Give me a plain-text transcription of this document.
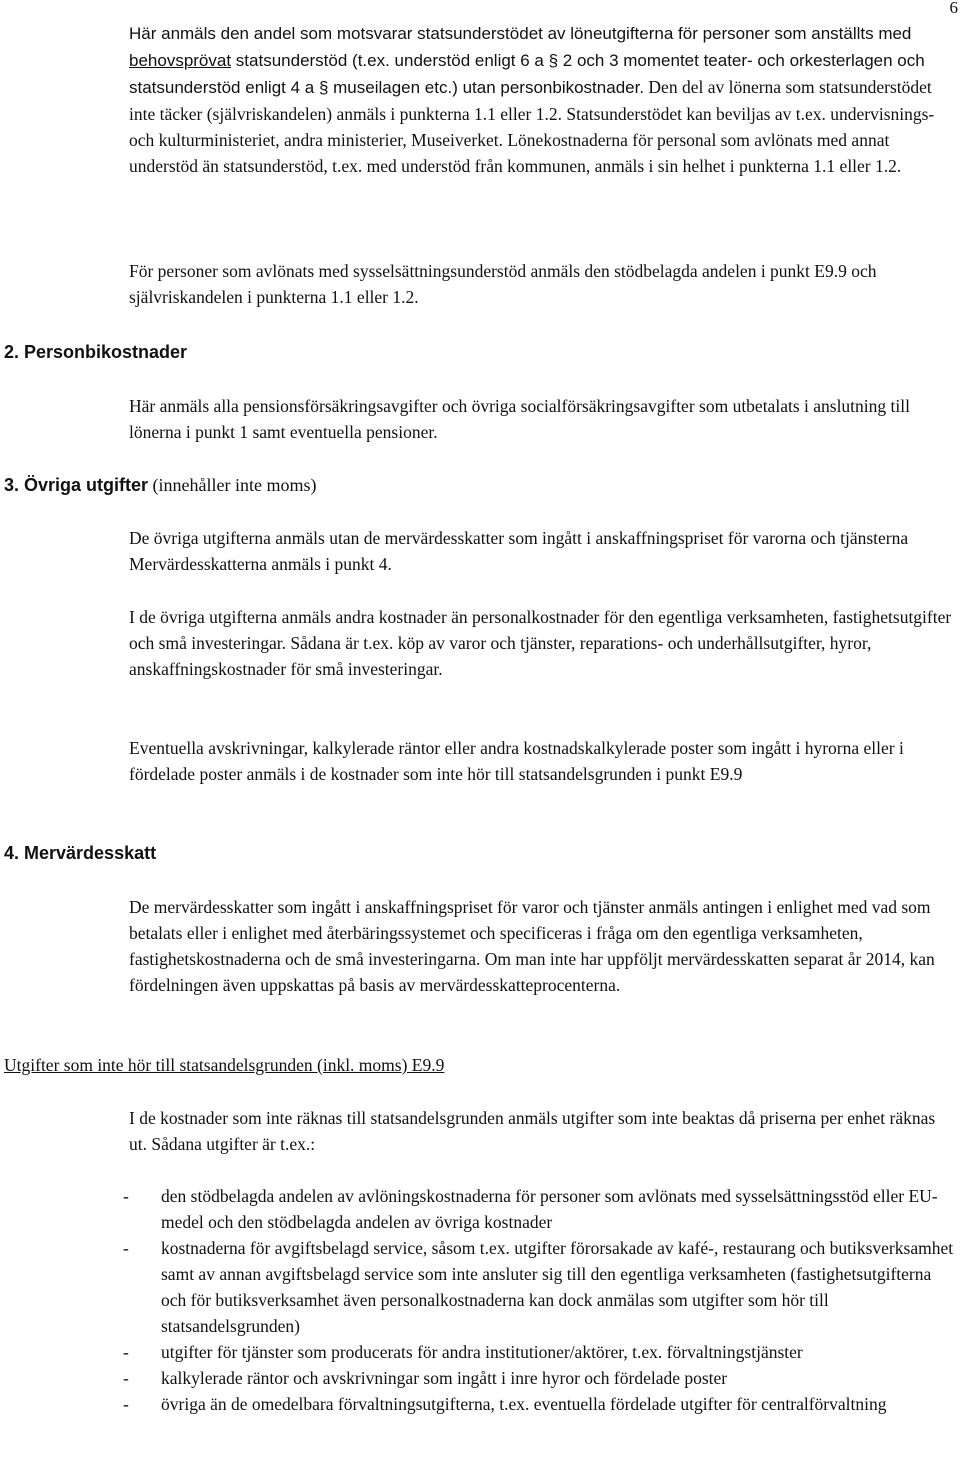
6

Här anmäls den andel som motsvarar statsunderstödet av löneutgifterna för personer som anställts med behovsprövat statsunderstöd (t.ex. understöd enligt 6 a § 2 och 3 momentet teater- och orkesterlagen och statsunderstöd enligt 4 a § museilagen etc.) utan personbikostnader. Den del av lönerna som statsunderstödet inte täcker (självriskandelen) anmäls i punkterna 1.1 eller 1.2. Statsunderstödet kan beviljas av t.ex. undervisnings- och kulturministeriet, andra ministerier, Museiverket. Lönekostnaderna för personal som avlönats med annat understöd än statsunderstöd, t.ex. med understöd från kommunen, anmäls i sin helhet i punkterna 1.1 eller 1.2.

För personer som avlönats med sysselsättningsunderstöd anmäls den stödbelagda andelen i punkt E9.9 och självriskandelen i punkterna 1.1 eller 1.2.

2. Personbikostnader

Här anmäls alla pensionsförsäkringsavgifter och övriga socialförsäkringsavgifter som utbetalats i anslutning till lönerna i punkt 1 samt eventuella pensioner.

3. Övriga utgifter (innehåller inte moms)

De övriga utgifterna anmäls utan de mervärdesskatter som ingått i anskaffningspriset för varorna och tjänsterna Mervärdesskatterna anmäls i punkt 4.

I de övriga utgifterna anmäls andra kostnader än personalkostnader för den egentliga verksamheten, fastighetsutgifter och små investeringar. Sådana är t.ex. köp av varor och tjänster, reparations- och underhållsutgifter, hyror, anskaffningskostnader för små investeringar.

Eventuella avskrivningar, kalkylerade räntor eller andra kostnadskalkylerade poster som ingått i hyrorna eller i fördelade poster anmäls i de kostnader som inte hör till statsandelsgrunden i punkt E9.9

4. Mervärdesskatt

De mervärdesskatter som ingått i anskaffningspriset för varor och tjänster anmäls antingen i enlighet med vad som betalats eller i enlighet med återbäringssystemet och specificeras i fråga om den egentliga verksamheten, fastighetskostnaderna och de små investeringarna. Om man inte har uppföljt mervärdesskatten separat år 2014, kan fördelningen även uppskattas på basis av mervärdesskatteprocenterna.

Utgifter som inte hör till statsandelsgrunden (inkl. moms) E9.9

I de kostnader som inte räknas till statsandelsgrunden anmäls utgifter som inte beaktas då priserna per enhet räknas ut. Sådana utgifter är t.ex.:

- den stödbelagda andelen av avlöningskostnaderna för personer som avlönats med sysselsättningsstöd eller EU-medel och den stödbelagda andelen av övriga kostnader
- kostnaderna för avgiftsbelagd service, såsom t.ex. utgifter förorsakade av kafé-, restaurang och butiksverksamhet samt av annan avgiftsbelagd service som inte ansluter sig till den egentliga verksamheten (fastighetsutgifterna och för butiksverksamhet även personalkostnaderna kan dock anmälas som utgifter som hör till statsandelsgrunden)
- utgifter för tjänster som producerats för andra institutioner/aktörer, t.ex. förvaltningstjänster
- kalkylerade räntor och avskrivningar som ingått i inre hyror och fördelade poster
- övriga än de omedelbara förvaltningsutgifterna, t.ex. eventuella fördelade utgifter för centralförvaltning
